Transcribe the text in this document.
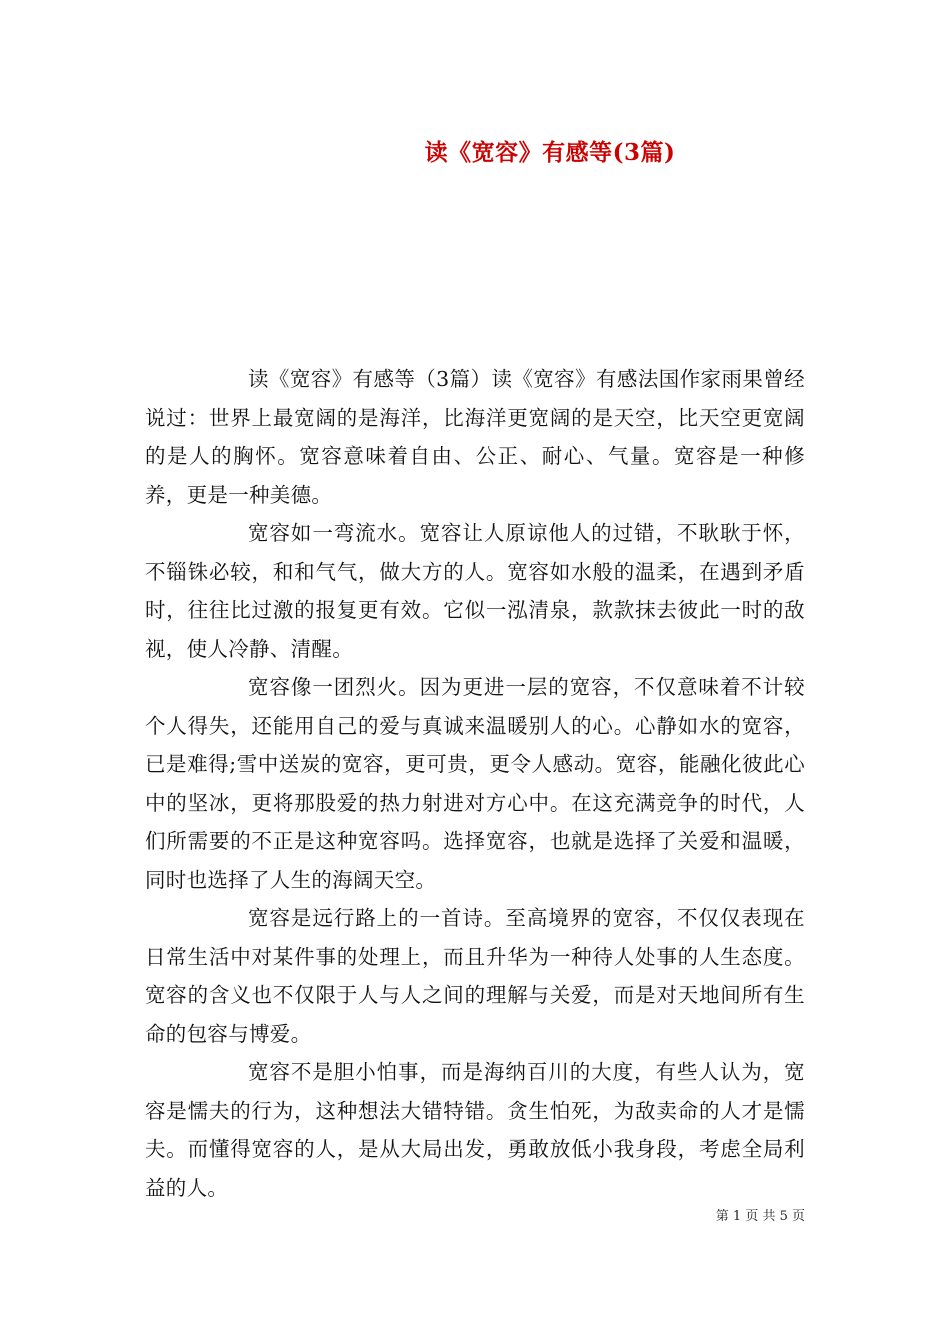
读《宽容》有感等(3篇)

读《宽容》有感等（3篇）读《宽容》有感法国作家雨果曾经说过：世界上最宽阔的是海洋，比海洋更宽阔的是天空，比天空更宽阔的是人的胸怀。宽容意味着自由、公正、耐心、气量。宽容是一种修养，更是一种美德。

宽容如一弯流水。宽容让人原谅他人的过错，不耿耿于怀，不锱铢必较，和和气气，做大方的人。宽容如水般的温柔，在遇到矛盾时，往往比过激的报复更有效。它似一泓清泉，款款抹去彼此一时的敌视，使人冷静、清醒。

宽容像一团烈火。因为更进一层的宽容，不仅意味着不计较个人得失，还能用自己的爱与真诚来温暖别人的心。心静如水的宽容，已是难得;雪中送炭的宽容，更可贵，更令人感动。宽容，能融化彼此心中的坚冰，更将那股爱的热力射进对方心中。在这充满竞争的时代，人们所需要的不正是这种宽容吗。选择宽容，也就是选择了关爱和温暖，同时也选择了人生的海阔天空。

宽容是远行路上的一首诗。至高境界的宽容，不仅仅表现在日常生活中对某件事的处理上，而且升华为一种待人处事的人生态度。宽容的含义也不仅限于人与人之间的理解与关爱，而是对天地间所有生命的包容与博爱。

宽容不是胆小怕事，而是海纳百川的大度，有些人认为，宽容是懦夫的行为，这种想法大错特错。贪生怕死，为敌卖命的人才是懦夫。而懂得宽容的人，是从大局出发，勇敢放低小我身段，考虑全局利益的人。

第 1 页 共 5 页
